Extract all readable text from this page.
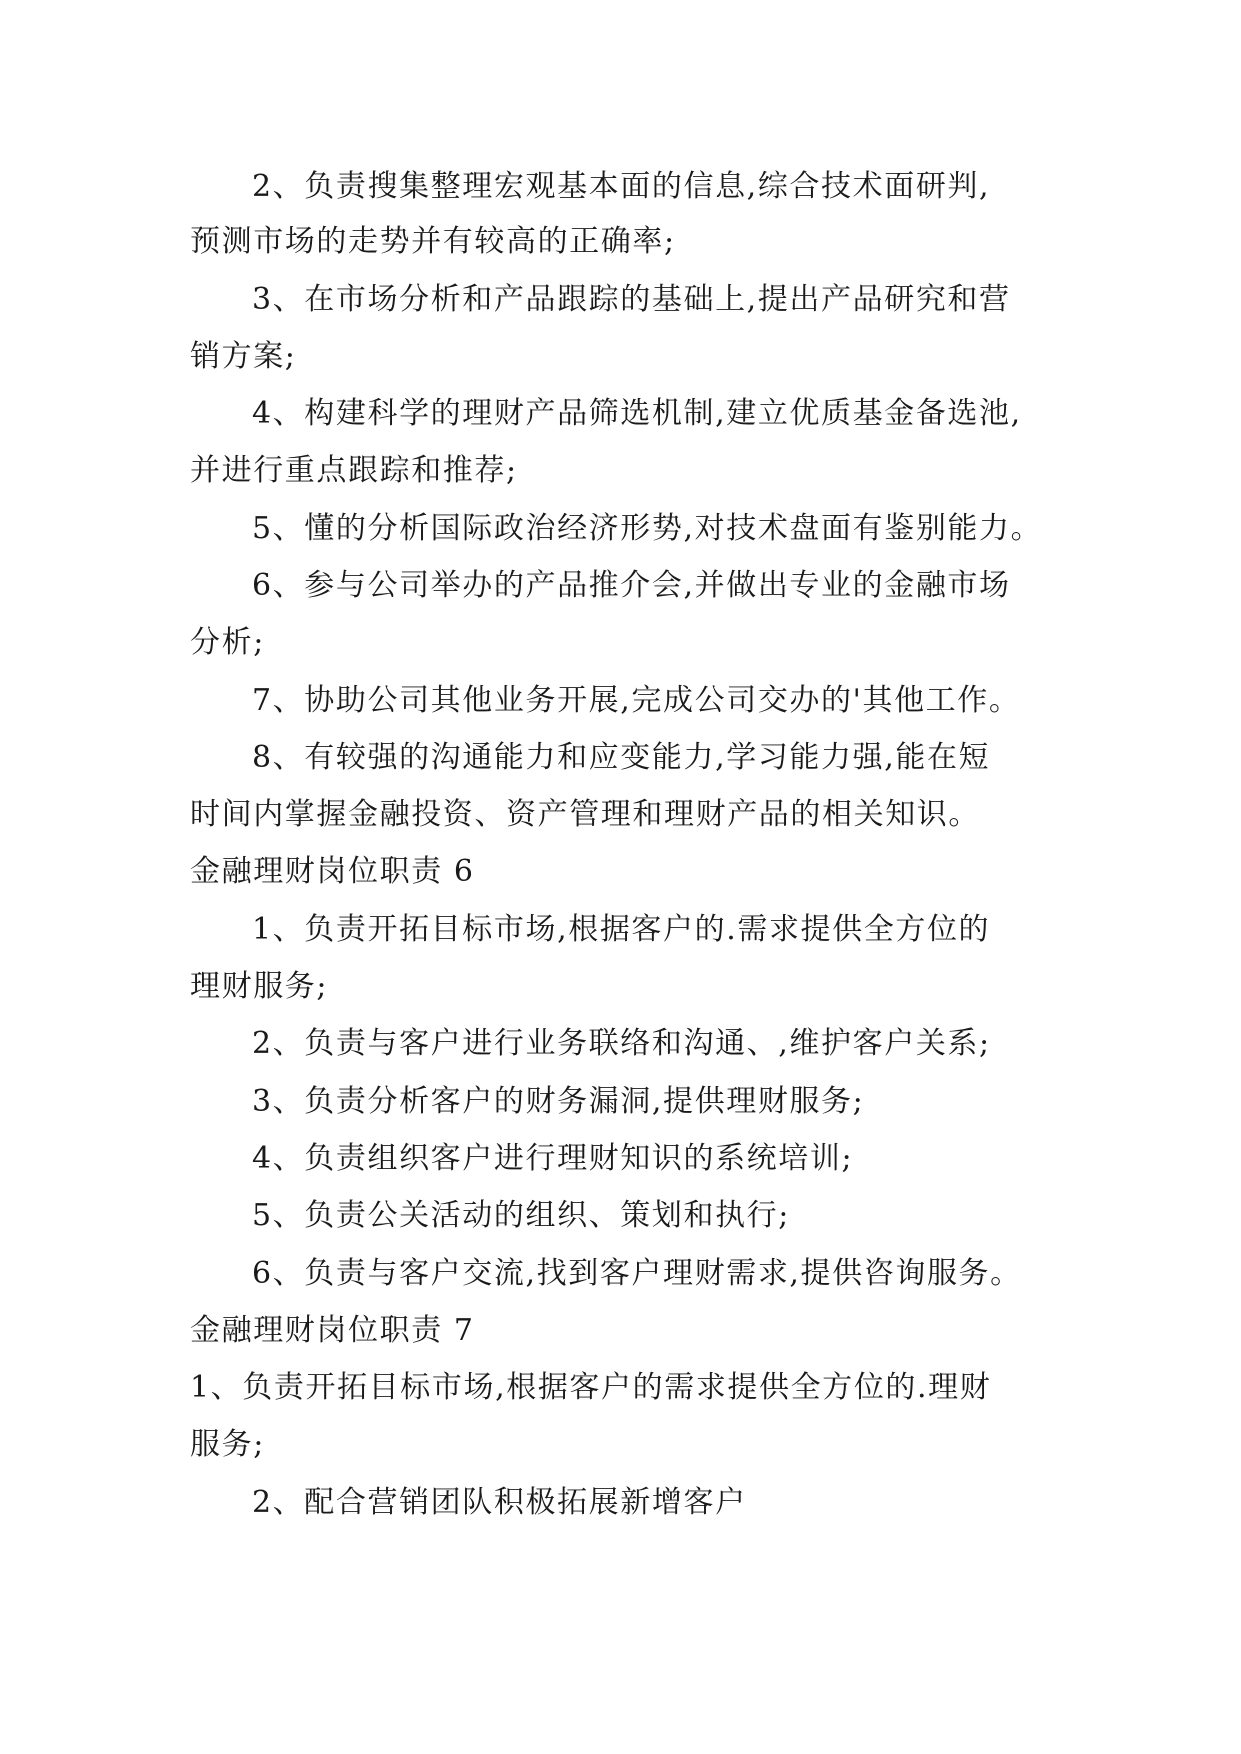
2、负责搜集整理宏观基本面的信息,综合技术面研判,
预测市场的走势并有较高的正确率;
3、在市场分析和产品跟踪的基础上,提出产品研究和营
销方案;
4、构建科学的理财产品筛选机制,建立优质基金备选池,
并进行重点跟踪和推荐;
5、懂的分析国际政治经济形势,对技术盘面有鉴别能力。
6、参与公司举办的产品推介会,并做出专业的金融市场
分析;
7、协助公司其他业务开展,完成公司交办的'其他工作。
8、有较强的沟通能力和应变能力,学习能力强,能在短
时间内掌握金融投资、资产管理和理财产品的相关知识。
金融理财岗位职责 6
1、负责开拓目标市场,根据客户的.需求提供全方位的
理财服务;
2、负责与客户进行业务联络和沟通、,维护客户关系;
3、负责分析客户的财务漏洞,提供理财服务;
4、负责组织客户进行理财知识的系统培训;
5、负责公关活动的组织、策划和执行;
6、负责与客户交流,找到客户理财需求,提供咨询服务。
金融理财岗位职责 7
1、负责开拓目标市场,根据客户的需求提供全方位的.理财
服务;
2、配合营销团队积极拓展新增客户
